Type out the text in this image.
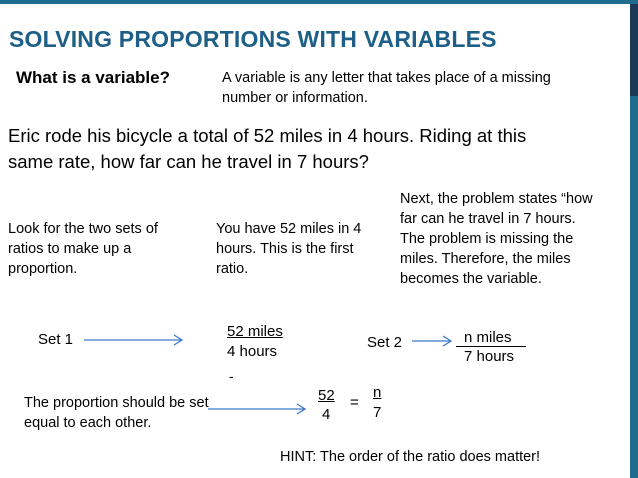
SOLVING PROPORTIONS WITH VARIABLES
What is a variable?	A variable is any letter that takes place of a missing number or information.
Eric rode his bicycle a total of 52 miles in 4 hours. Riding at this same rate, how far can he travel in 7 hours?
Look for the two sets of ratios to make up a proportion.
You have 52 miles in 4 hours. This is the first ratio.
Next, the problem states “how far can he travel in 7 hours. The problem is missing the miles. Therefore, the miles becomes the variable.
Set 1	52 miles
4 hours
-
Set 2	n miles
7 hours
The proportion should be set equal to each other.
52
4
=
n
7
HINT: The order of the ratio does matter!
